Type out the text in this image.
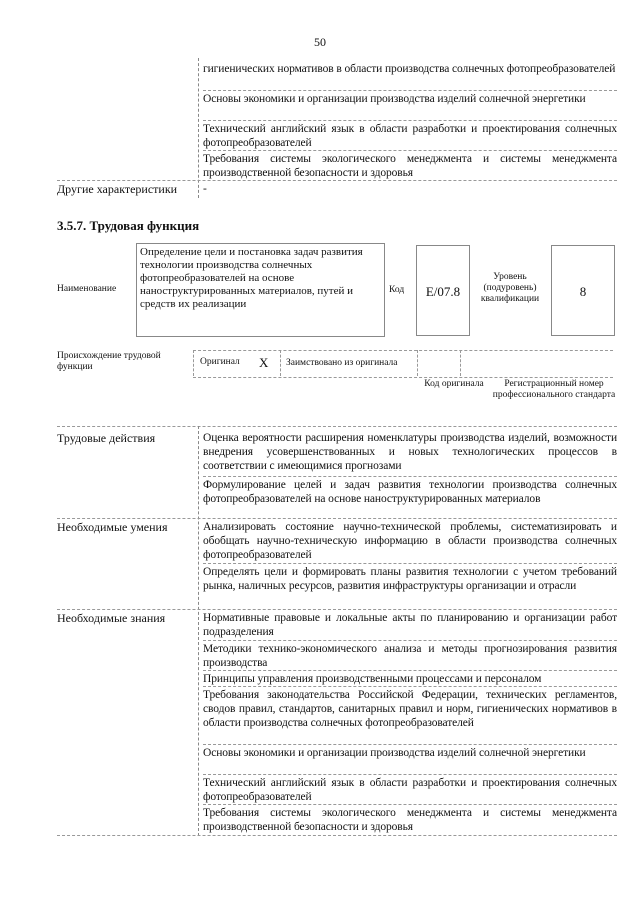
50
гигиенических нормативов в области производства солнечных фотопреобразователей
Основы экономики и организации производства изделий солнечной энергетики
Технический английский язык в области разработки и проектирования солнечных фотопреобразователей
Требования системы экологического менеджмента и системы менеджмента производственной безопасности и здоровья
Другие характеристики	-
3.5.7. Трудовая функция
Наименование
Определение цели и постановка задач развития технологии производства солнечных фотопреобразователей на основе наноструктурированных материалов, путей и средств их реализации
Код	E/07.8
Уровень (подуровень) квалификации	8
Происхождение трудовой функции	Оригинал X Заимствовано из оригинала
Код оригинала	Регистрационный номер профессионального стандарта
Трудовые действия	Оценка вероятности расширения номенклатуры производства изделий, возможности внедрения усовершенствованных и новых технологических процессов в соответствии с имеющимися прогнозами
Формулирование целей и задач развития технологии производства солнечных фотопреобразователей на основе наноструктурированных материалов
Необходимые умения	Анализировать состояние научно-технической проблемы, систематизировать и обобщать научно-техническую информацию в области производства солнечных фотопреобразователей
Определять цели и формировать планы развития технологии с учетом требований рынка, наличных ресурсов, развития инфраструктуры организации и отрасли
Необходимые знания	Нормативные правовые и локальные акты по планированию и организации работ подразделения
Методики технико-экономического анализа и методы прогнозирования развития производства
Принципы управления производственными процессами и персоналом
Требования законодательства Российской Федерации, технических регламентов, сводов правил, стандартов, санитарных правил и норм, гигиенических нормативов в области производства солнечных фотопреобразователей
Основы экономики и организации производства изделий солнечной энергетики
Технический английский язык в области разработки и проектирования солнечных фотопреобразователей
Требования системы экологического менеджмента и системы менеджмента производственной безопасности и здоровья
